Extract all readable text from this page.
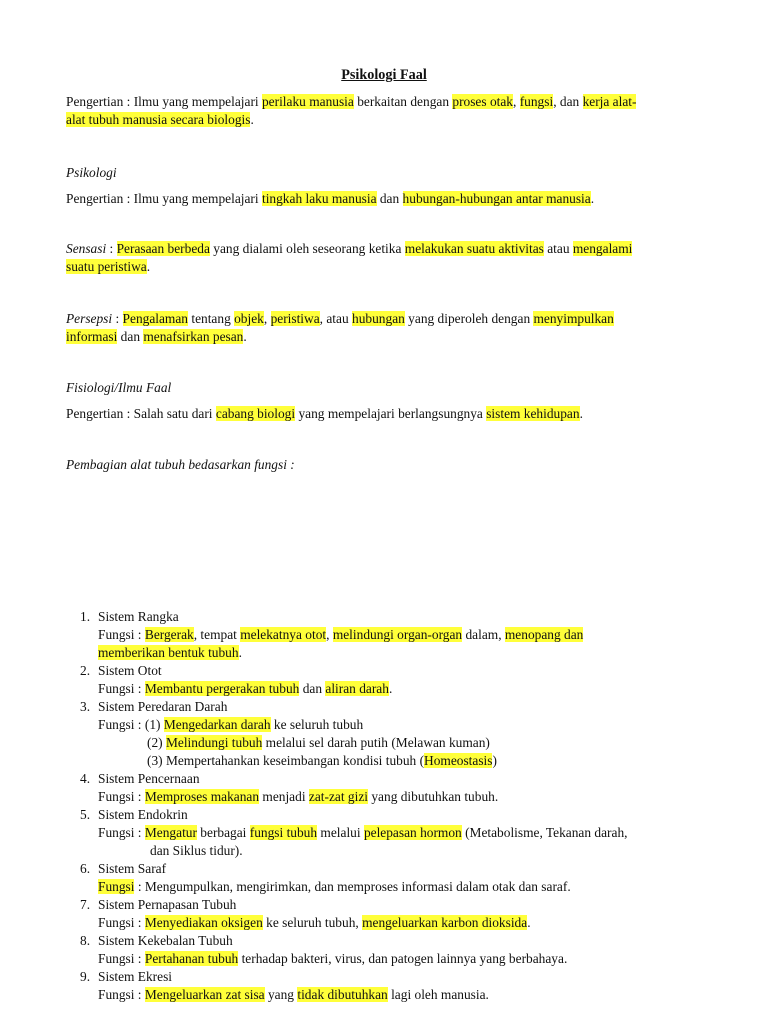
Psikologi Faal
Pengertian : Ilmu yang mempelajari perilaku manusia berkaitan dengan proses otak, fungsi, dan kerja alat-
alat tubuh manusia secara biologis.
Psikologi
Pengertian : Ilmu yang mempelajari tingkah laku manusia dan hubungan-hubungan antar manusia.
Sensasi : Perasaan berbeda yang dialami oleh seseorang ketika melakukan suatu aktivitas atau mengalami
suatu peristiwa.
Persepsi : Pengalaman tentang objek, peristiwa, atau hubungan yang diperoleh dengan menyimpulkan
informasi dan menafsirkan pesan.
Fisiologi/Ilmu Faal
Pengertian : Salah satu dari cabang biologi yang mempelajari berlangsungnya sistem kehidupan.
Pembagian alat tubuh bedasarkan fungsi :
1. Sistem Rangka
Fungsi : Bergerak, tempat melekatnya otot, melindungi organ-organ dalam, menopang dan
memberikan bentuk tubuh.
2. Sistem Otot
Fungsi : Membantu pergerakan tubuh dan aliran darah.
3. Sistem Peredaran Darah
Fungsi : (1) Mengedarkan darah ke seluruh tubuh
(2) Melindungi tubuh melalui sel darah putih (Melawan kuman)
(3) Mempertahankan keseimbangan kondisi tubuh (Homeostasis)
4. Sistem Pencernaan
Fungsi : Memproses makanan menjadi zat-zat gizi yang dibutuhkan tubuh.
5. Sistem Endokrin
Fungsi : Mengatur berbagai fungsi tubuh melalui pelepasan hormon (Metabolisme, Tekanan darah,
dan Siklus tidur).
6. Sistem Saraf
Fungsi : Mengumpulkan, mengirimkan, dan memproses informasi dalam otak dan saraf.
7. Sistem Pernapasan Tubuh
Fungsi : Menyediakan oksigen ke seluruh tubuh, mengeluarkan karbon dioksida.
8. Sistem Kekebalan Tubuh
Fungsi : Pertahanan tubuh terhadap bakteri, virus, dan patogen lainnya yang berbahaya.
9. Sistem Ekresi
Fungsi : Mengeluarkan zat sisa yang tidak dibutuhkan lagi oleh manusia.
